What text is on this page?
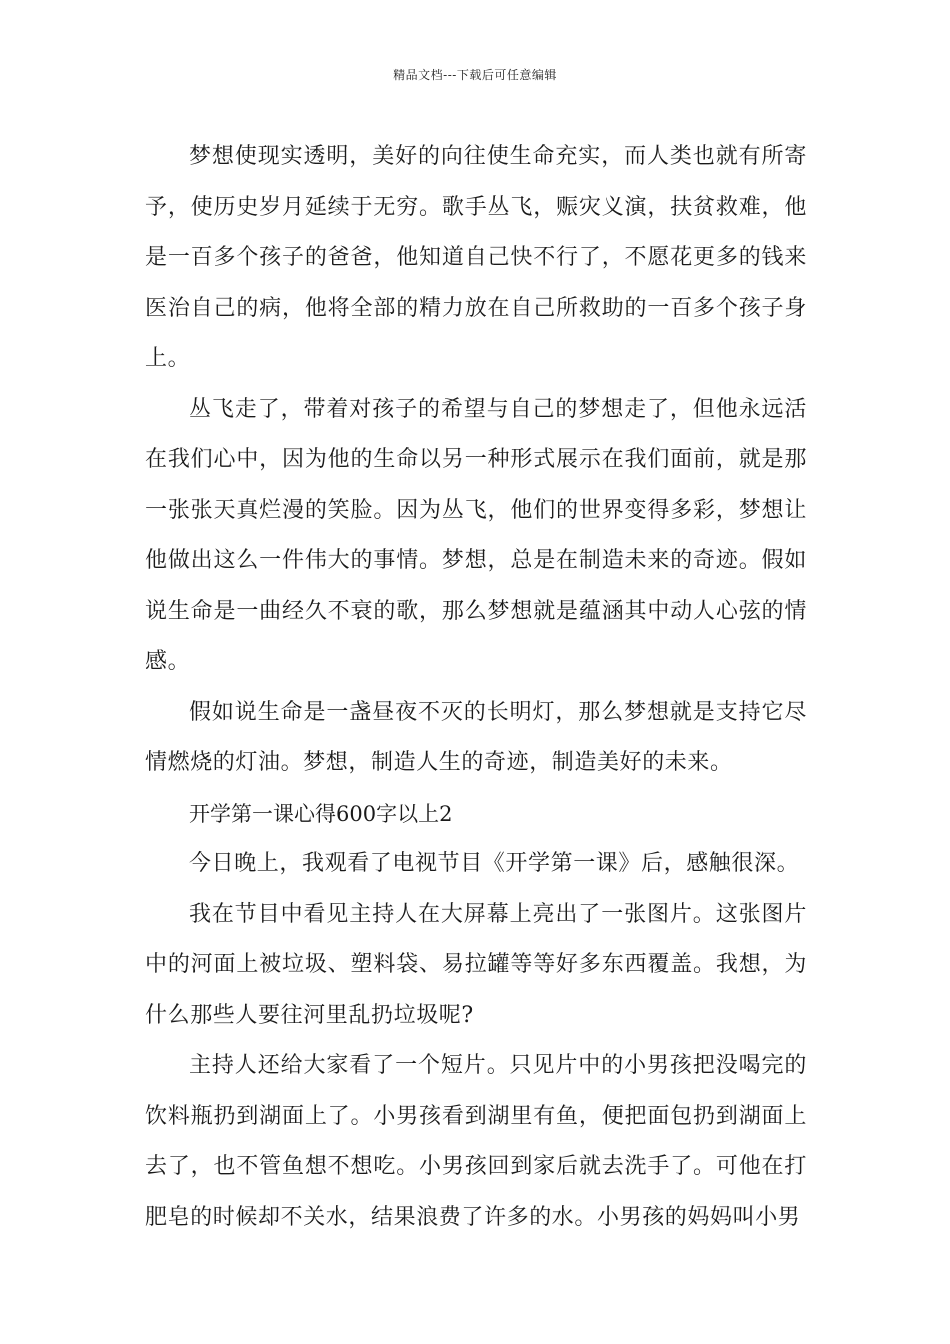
精品文档---下载后可任意编辑

梦想使现实透明，美好的向往使生命充实，而人类也就有所寄予，使历史岁月延续于无穷。歌手丛飞，赈灾义演，扶贫救难，他是一百多个孩子的爸爸，他知道自己快不行了，不愿花更多的钱来医治自己的病，他将全部的精力放在自己所救助的一百多个孩子身上。

丛飞走了，带着对孩子的希望与自己的梦想走了，但他永远活在我们心中，因为他的生命以另一种形式展示在我们面前，就是那一张张天真烂漫的笑脸。因为丛飞，他们的世界变得多彩，梦想让他做出这么一件伟大的事情。梦想，总是在制造未来的奇迹。假如说生命是一曲经久不衰的歌，那么梦想就是蕴涵其中动人心弦的情感。

假如说生命是一盏昼夜不灭的长明灯，那么梦想就是支持它尽情燃烧的灯油。梦想，制造人生的奇迹，制造美好的未来。

开学第一课心得600字以上2

今日晚上，我观看了电视节目《开学第一课》后，感触很深。

我在节目中看见主持人在大屏幕上亮出了一张图片。这张图片中的河面上被垃圾、塑料袋、易拉罐等等好多东西覆盖。我想，为什么那些人要往河里乱扔垃圾呢?

主持人还给大家看了一个短片。只见片中的小男孩把没喝完的饮料瓶扔到湖面上了。小男孩看到湖里有鱼，便把面包扔到湖面上去了，也不管鱼想不想吃。小男孩回到家后就去洗手了。可他在打肥皂的时候却不关水，结果浪费了许多的水。小男孩的妈妈叫小男
